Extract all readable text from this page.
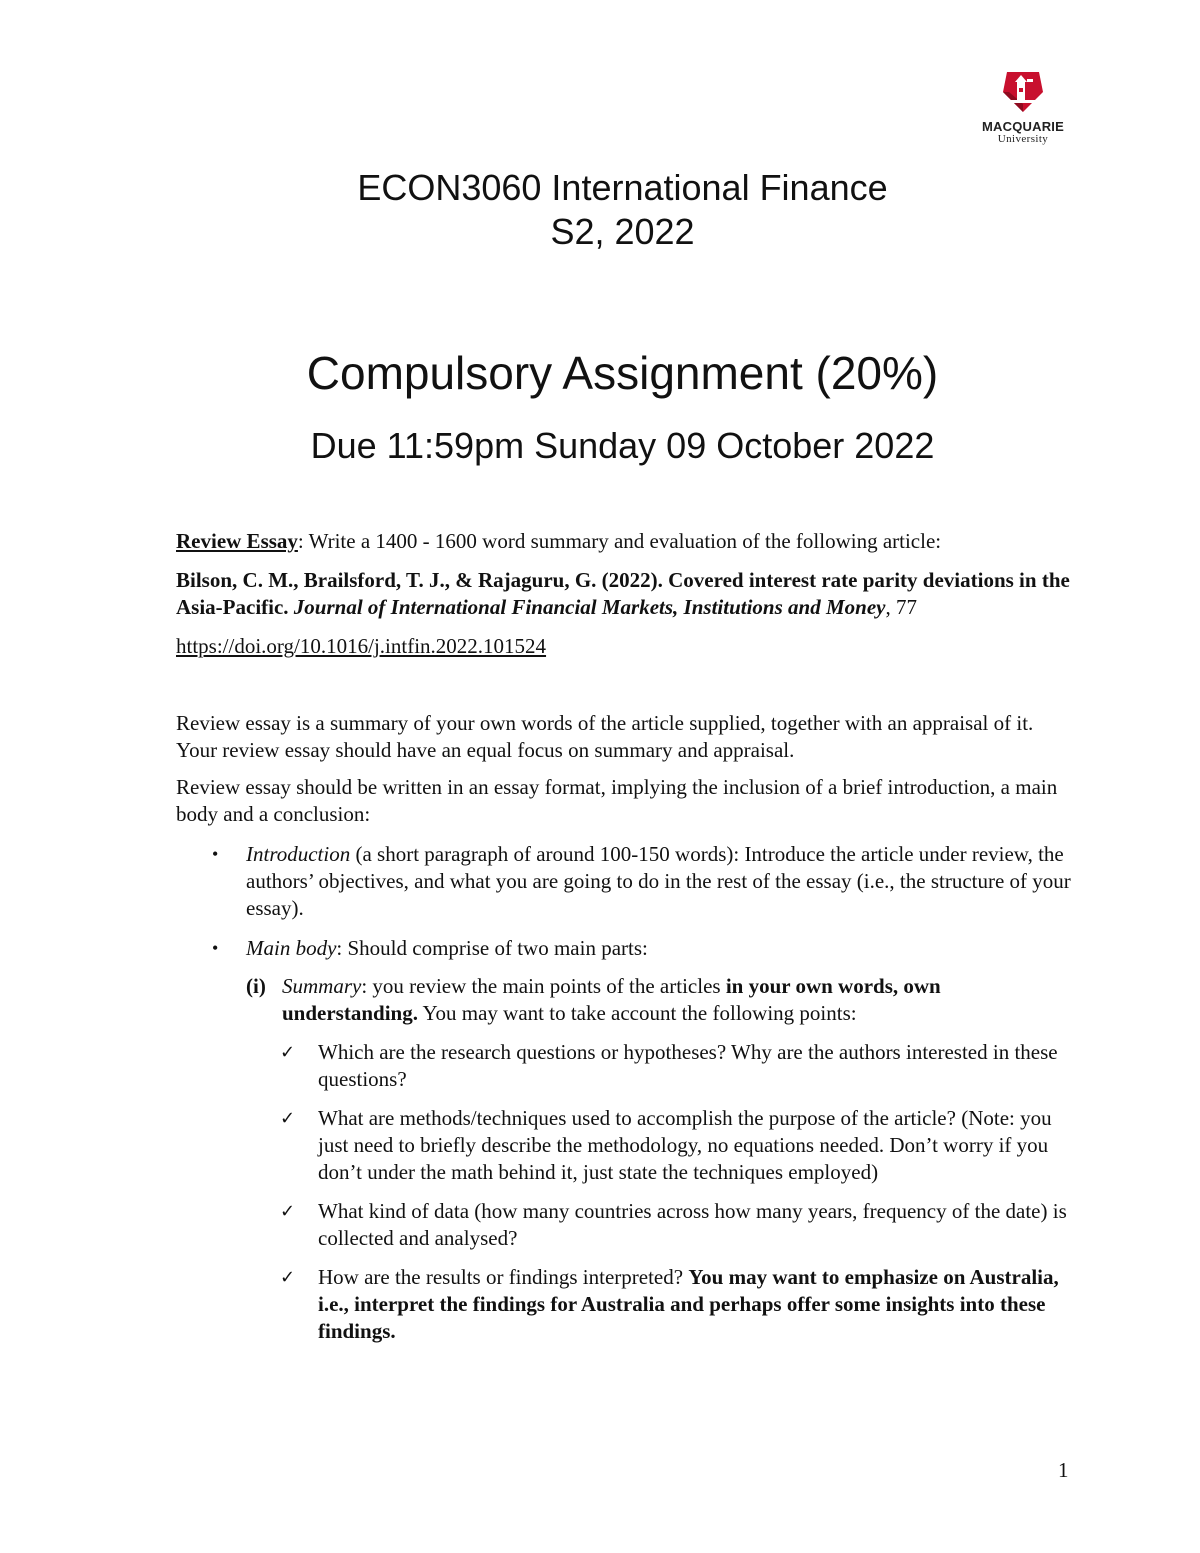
MACQUARIE
University
ECON3060 International Finance
S2, 2022
Compulsory Assignment (20%)
Due 11:59pm Sunday 09 October 2022

Review Essay: Write a 1400 - 1600 word summary and evaluation of the following article:

Bilson, C. M., Brailsford, T. J., & Rajaguru, G. (2022). Covered interest rate parity deviations in the Asia-Pacific. Journal of International Financial Markets, Institutions and Money, 77

https://doi.org/10.1016/j.intfin.2022.101524

Review essay is a summary of your own words of the article supplied, together with an appraisal of it. Your review essay should have an equal focus on summary and appraisal.

Review essay should be written in an essay format, implying the inclusion of a brief introduction, a main body and a conclusion:

• Introduction (a short paragraph of around 100-150 words): Introduce the article under review, the authors’ objectives, and what you are going to do in the rest of the essay (i.e., the structure of your essay).
• Main body: Should comprise of two main parts:
(i) Summary: you review the main points of the articles in your own words, own understanding. You may want to take account the following points:
✓ Which are the research questions or hypotheses? Why are the authors interested in these questions?
✓ What are methods/techniques used to accomplish the purpose of the article? (Note: you just need to briefly describe the methodology, no equations needed. Don’t worry if you don’t under the math behind it, just state the techniques employed)
✓ What kind of data (how many countries across how many years, frequency of the date) is collected and analysed?
✓ How are the results or findings interpreted? You may want to emphasize on Australia, i.e., interpret the findings for Australia and perhaps offer some insights into these findings.
1
